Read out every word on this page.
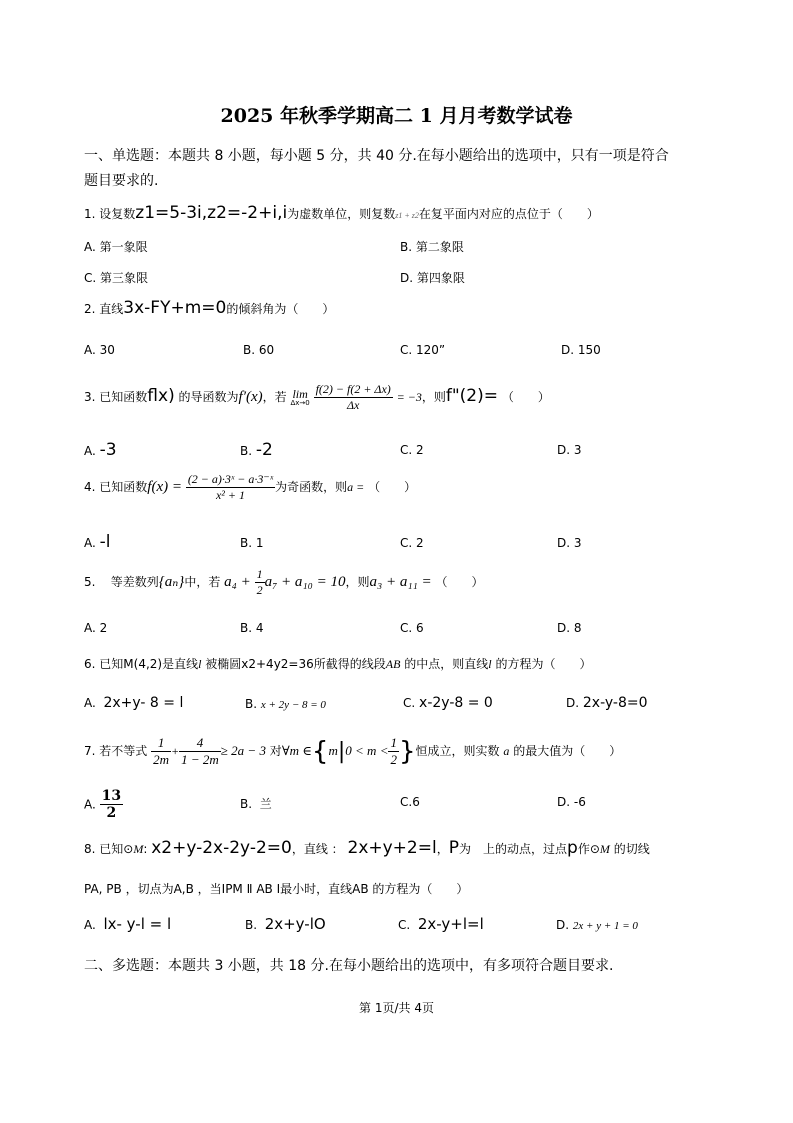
2025 年秋季学期高二 1 月月考数学试卷
一、单选题：本题共 8 小题，每小题 5 分，共 40 分.在每小题给出的选项中，只有一项是符合
题目要求的.
1. 设复数z1=5-3i,z2=-2+i,i为虚数单位，则复数z1 + z2在复平面内对应的点位于（　　）
A. 第一象限	B. 第二象限
C. 第三象限	D. 第四象限
2. 直线3x-FY+m=0的倾斜角为（　　）
A. 30	B. 60	C. 120”	D. 150
3. 已知函数flx) 的导函数为f′(x)，若 lim
Δx→0
$\frac{f(2) - f(2 + \Delta x)}{\Delta x} = -3$，则f"(2)= （　　）
A. -3	B. -2	C. 2	D. 3
4. 已知函数$f(x) = \frac{\text{(2 − a)·3ˣ − a·3⁻ˣ}}{\text{x² + 1}}$ 为奇函数，则a = （　　）
A. -l	B. 1	C. 2	D. 3
5. 等差数列{aₙ}中，若 $a_4 + \frac{1}{2} a_7 + a_{10} = 10$，则a₃ + a₁₁ = （　　）
A. 2	B. 4	C. 6	D. 8
6. 已知M(4,2)是直线l 被椭圆x2+4y2=36所截得的线段AB 的中点，则直线l 的方程为（　　）
A. 2x+y- 8 = l	B. x + 2y − 8 = 0	C. x-2y-8 = 0	D. 2x-y-8=0
7. 若不等式 $\frac{1}{2m} + \frac{4}{1 - 2m} \ge 2a - 3$ 对∀m ∈{m|0 < $m < \frac{1}{2}$ }恒成立，则实数 a 的最大值为（　　）
A. $\frac{13}{2}$	B. 兰	C.6	D. -6
8. 已知⊙M: x2+y-2x-2y-2=0，直线 ： 2x+y+2=l，P为　上的动点，过点p作⊙M 的切线
PA, PB ，切点为A,B ，当IPM Ⅱ AB I最小时，直线AB 的方程为（　　）
A. lx- y-l = l	B. 2x+y-lO	C. 2x-y+l=l	D. 2x + y + 1 = 0
二、多选题：本题共 3 小题，共 18 分.在每小题给出的选项中，有多项符合题目要求.
第 1页/共 4页
